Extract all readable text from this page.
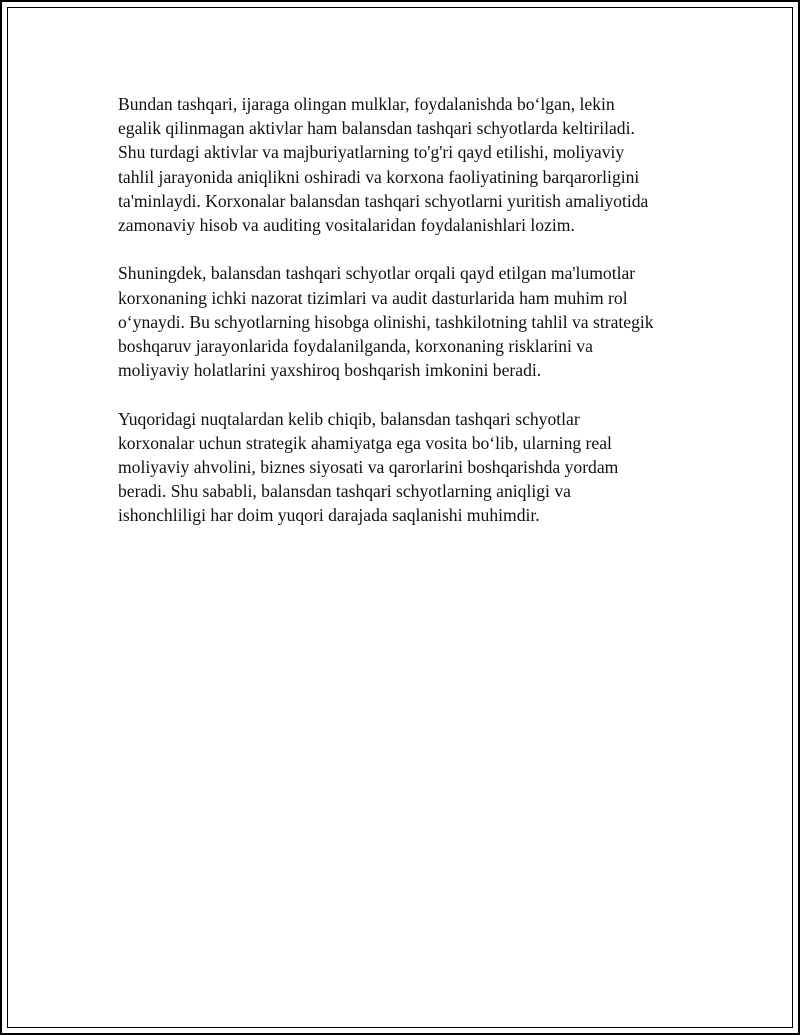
Bundan tashqari, ijaraga olingan mulklar, foydalanishda bo‘lgan, lekin
egalik qilinmagan aktivlar ham balansdan tashqari schyotlarda keltiriladi.
Shu turdagi aktivlar va majburiyatlarning to'g'ri qayd etilishi, moliyaviy
tahlil jarayonida aniqlikni oshiradi va korxona faoliyatining barqarorligini
ta'minlaydi. Korxonalar balansdan tashqari schyotlarni yuritish amaliyotida
zamonaviy hisob va auditing vositalaridan foydalanishlari lozim.

Shuningdek, balansdan tashqari schyotlar orqali qayd etilgan ma'lumotlar
korxonaning ichki nazorat tizimlari va audit dasturlarida ham muhim rol
o‘ynaydi. Bu schyotlarning hisobga olinishi, tashkilotning tahlil va strategik
boshqaruv jarayonlarida foydalanilganda, korxonaning risklarini va
moliyaviy holatlarini yaxshiroq boshqarish imkonini beradi.

Yuqoridagi nuqtalardan kelib chiqib, balansdan tashqari schyotlar
korxonalar uchun strategik ahamiyatga ega vosita bo‘lib, ularning real
moliyaviy ahvolini, biznes siyosati va qarorlarini boshqarishda yordam
beradi. Shu sababli, balansdan tashqari schyotlarning aniqligi va
ishonchliligi har doim yuqori darajada saqlanishi muhimdir.
